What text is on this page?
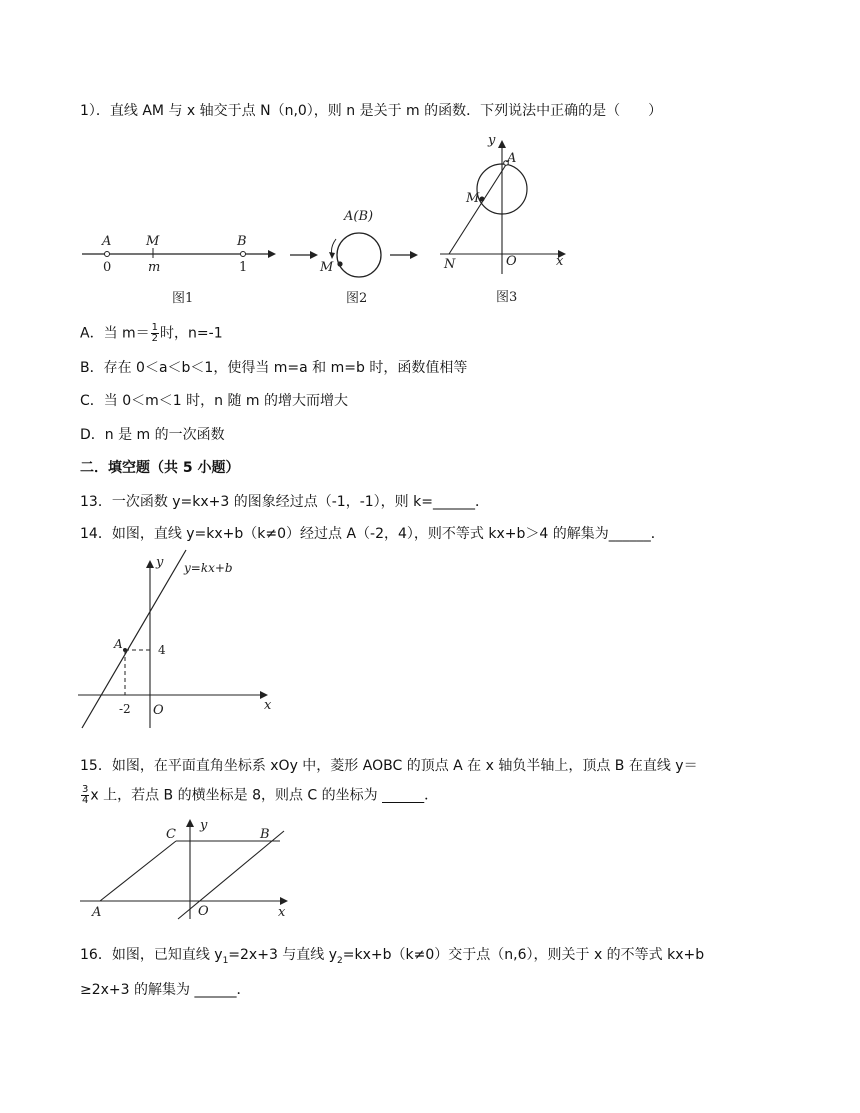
1）．直线 AM 与 x 轴交于点 N（n,0），则 n 是关于 m 的函数．下列说法中正确的是（　　）
A	M	B
0	m	1
图1
A(B)
M
图2
y
A
M
N	O	x
图3
A．当 $m= \frac{1}{2}$ 时，n=-1
B．存在 0＜a＜b＜1，使得当 m=a 和 m=b 时，函数值相等
C．当 0＜m＜1 时，n 随 m 的增大而增大
D．n 是 m 的一次函数
二．填空题（共 5 小题）
13．一次函数 y=kx+3 的图象经过点（-1，-1），则 k=______．
14．如图，直线 y=kx+b（k≠0）经过点 A（-2，4），则不等式 kx+b＞4 的解集为______．
y y=kx+b
A	4
-2 O	x
15．如图，在平面直角坐标系 xOy 中，菱形 AOBC 的顶点 A 在 x 轴负半轴上，顶点 B 在直线 y＝
$\frac{3}{4}$ x 上，若点 B 的横坐标是 8，则点 C 的坐标为 ______．
C
y
B
A	O	x
16．如图，已知直线 $y_1=2x+3$ 与直线 $y_2=kx+b(k\ne 0)$交于点（n,6），则关于 x 的不等式 kx+b
≥2x+3 的解集为 ______．
